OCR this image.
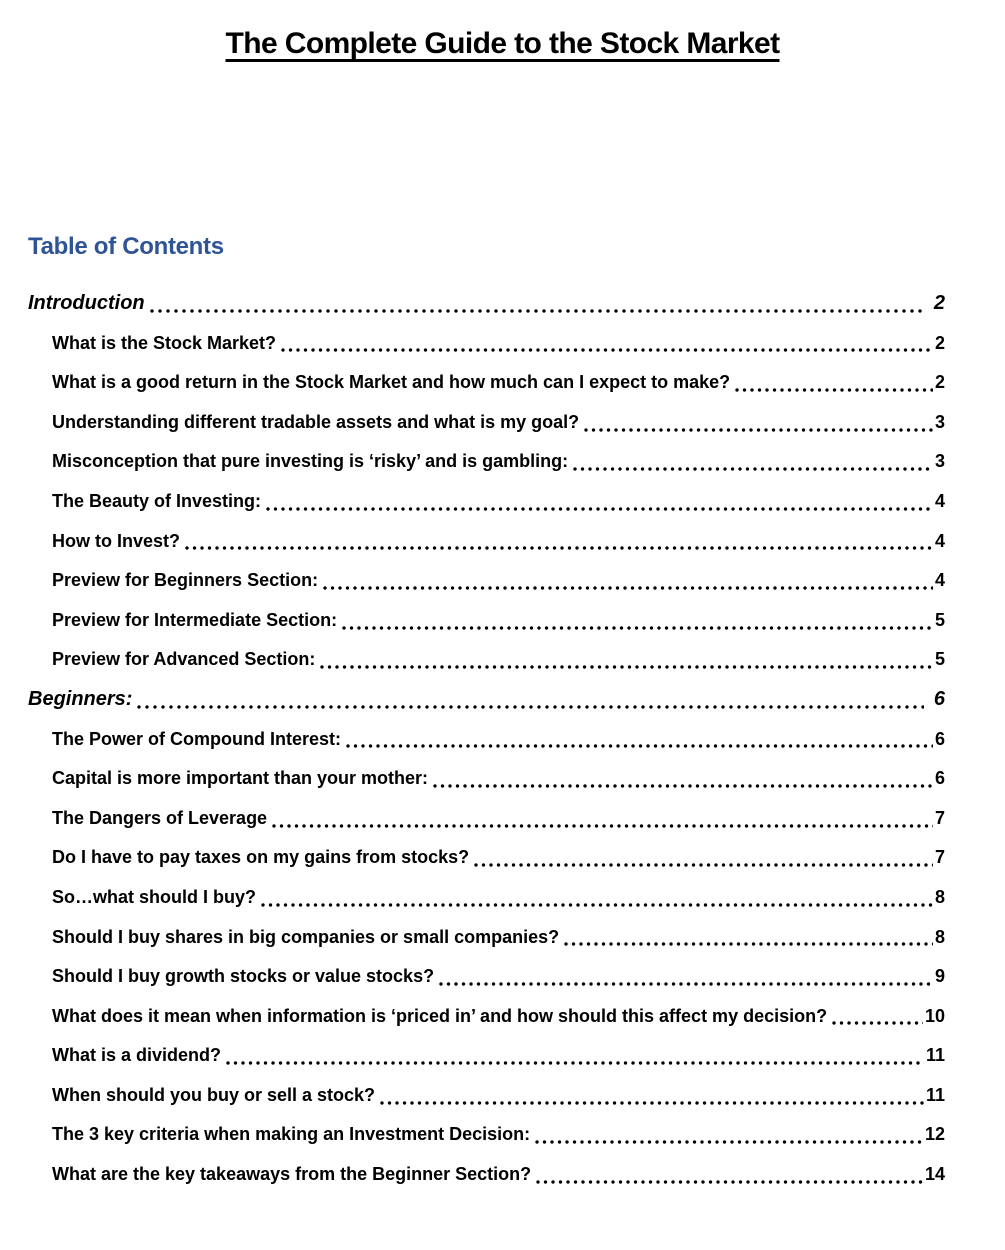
The Complete Guide to the Stock Market
Table of Contents
Introduction	2
What is the Stock Market?	2
What is a good return in the Stock Market and how much can I expect to make?	2
Understanding different tradable assets and what is my goal?	3
Misconception that pure investing is ‘risky’ and is gambling:	3
The Beauty of Investing:	4
How to Invest?	4
Preview for Beginners Section:	4
Preview for Intermediate Section:	5
Preview for Advanced Section:	5
Beginners:	6
The Power of Compound Interest:	6
Capital is more important than your mother:	6
The Dangers of Leverage	7
Do I have to pay taxes on my gains from stocks?	7
So…what should I buy?	8
Should I buy shares in big companies or small companies?	8
Should I buy growth stocks or value stocks?	9
What does it mean when information is ‘priced in’ and how should this affect my decision?	10
What is a dividend?	11
When should you buy or sell a stock?	11
The 3 key criteria when making an Investment Decision:	12
What are the key takeaways from the Beginner Section?	14
